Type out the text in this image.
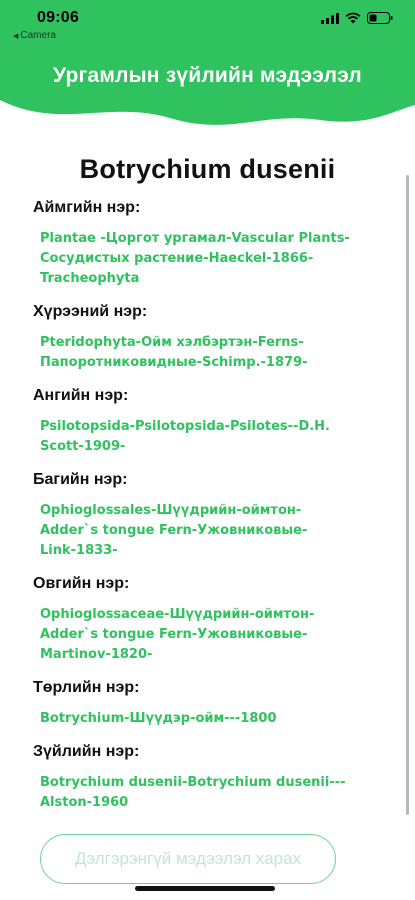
09:06
◀ Camera
Ургамлын зүйлийн мэдээлэл
Botrychium dusenii
Аймгийн нэр:
Plantae -Цоргот ургамал-Vascular Plants-
Сосудистых растение-Haeckel-1866-
Tracheophyta
Хүрээний нэр:
Pteridophyta-Ойм хэлбэртэн-Ferns-
Папоротниковидные-Schimp.-1879-
Ангийн нэр:
Psilotopsida-Psilotopsida-Psilotes--D.H.
Scott-1909-
Багийн нэр:
Ophioglossales-Шүүдрийн-оймтон-
Adder`s tongue Fern-Ужовниковые-
Link-1833-
Овгийн нэр:
Ophioglossaceae-Шүүдрийн-оймтон-
Adder`s tongue Fern-Ужовниковые-
Martinov-1820-
Төрлийн нэр:
Botrychium-Шүүдэр-ойм---1800
Зүйлийн нэр:
Botrychium dusenii-Botrychium dusenii---
Alston-1960
Дэлгэрэнгүй мэдээлэл харах
